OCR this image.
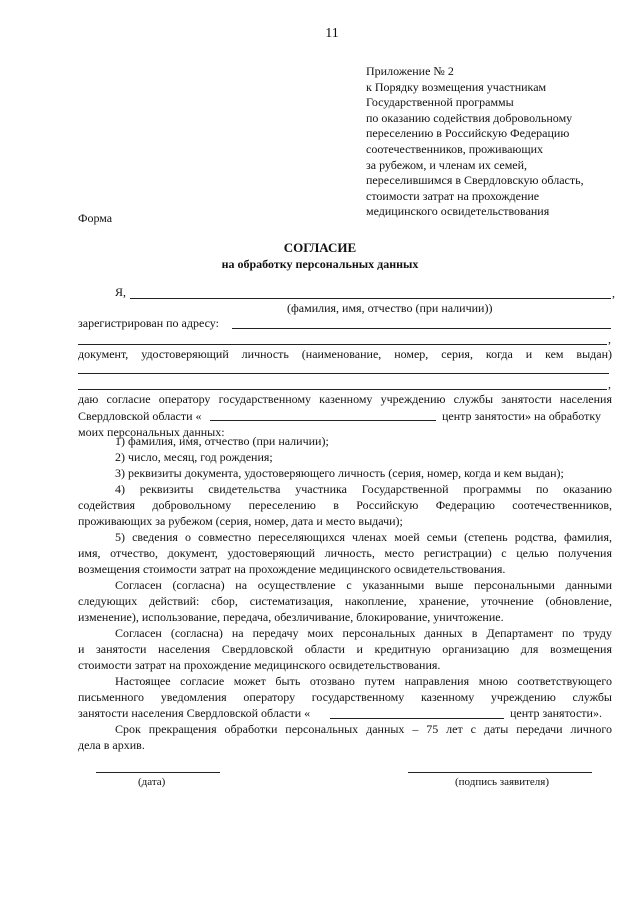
11
Приложение № 2
к Порядку возмещения участникам
Государственной программы
по оказанию содействия добровольному
переселению в Российскую Федерацию
соотечественников, проживающих
за рубежом, и членам их семей,
переселившимся в Свердловскую область,
стоимости затрат на прохождение
медицинского освидетельствования
Форма
СОГЛАСИЕ
на обработку персональных данных
Я,	,
(фамилия, имя, отчество (при наличии))
зарегистрирован по адресу:
,
документ, удостоверяющий личность (наименование, номер, серия, когда и кем выдан)
,
даю согласие оператору государственному казенному учреждению службы занятости населения
Свердловской области «	центр занятости» на обработку
моих персональных данных:
1) фамилия, имя, отчество (при наличии);
2) число, месяц, год рождения;
3) реквизиты документа, удостоверяющего личность (серия, номер, когда и кем выдан);
4) реквизиты свидетельства участника Государственной программы по оказанию
содействия добровольному переселению в Российскую Федерацию соотечественников,
проживающих за рубежом (серия, номер, дата и место выдачи);
5) сведения о совместно переселяющихся членах моей семьи (степень родства, фамилия,
имя, отчество, документ, удостоверяющий личность, место регистрации) с целью получения
возмещения стоимости затрат на прохождение медицинского освидетельствования.
Согласен (согласна) на осуществление с указанными выше персональными данными
следующих действий: сбор, систематизация, накопление, хранение, уточнение (обновление,
изменение), использование, передача, обезличивание, блокирование, уничтожение.
Согласен (согласна) на передачу моих персональных данных в Департамент по труду
и занятости населения Свердловской области и кредитную организацию для возмещения
стоимости затрат на прохождение медицинского освидетельствования.
Настоящее согласие может быть отозвано путем направления мною соответствующего
письменного уведомления оператору государственному казенному учреждению службы
занятости населения Свердловской области «	центр занятости».
Срок прекращения обработки персональных данных – 75 лет с даты передачи личного
дела в архив.
(дата)	(подпись заявителя)
